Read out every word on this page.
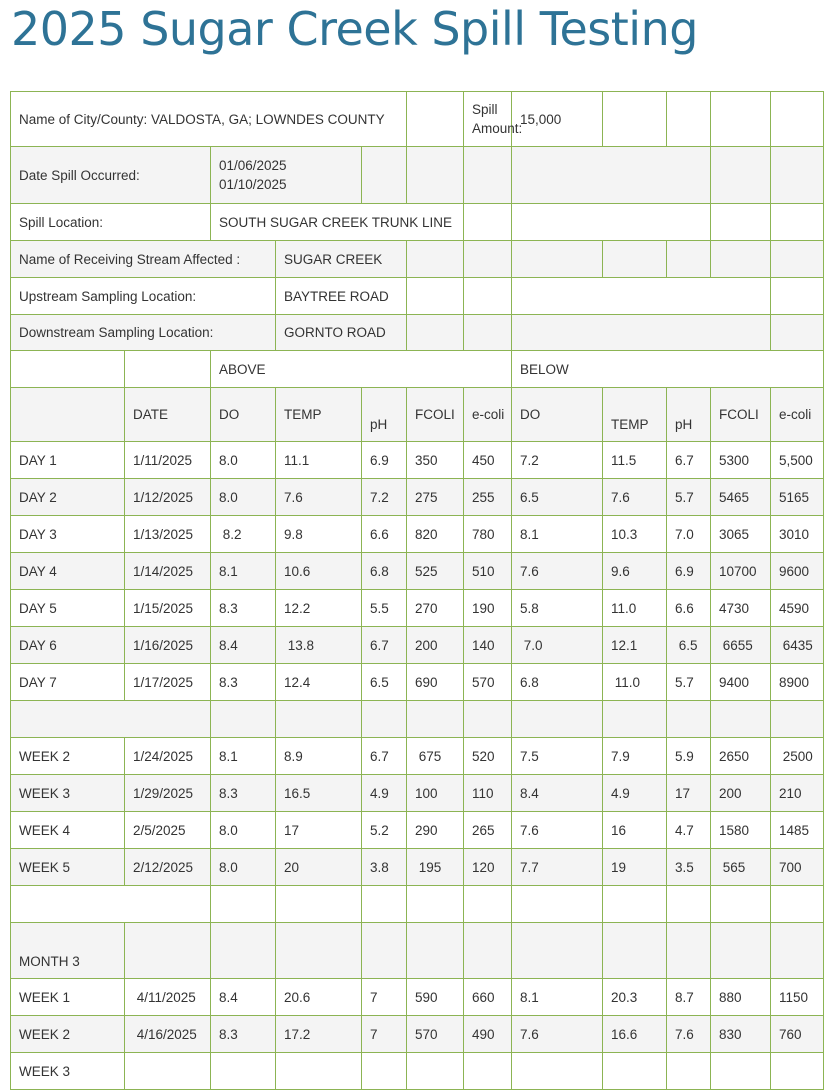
2025 Sugar Creek Spill Testing
Name of City/County: VALDOSTA, GA; LOWNDES COUNTY						Spill Amount:	15,000				
Date Spill Occurred:		01/06/2025
01/10/2025									

Spill Location:		SOUTH SUGAR CREEK TRUNK LINE									
Name of Receiving Stream Affected :			SUGAR CREEK								
Upstream Sampling Location:			BAYTREE ROAD								
Downstream Sampling Location:			GORNTO ROAD								
		ABOVE					BELOW				
	DATE	DO	TEMP	pH	FCOLI	e-coli	DO	TEMP	pH	FCOLI	e-coli
DAY 1	1/11/2025	8.0	11.1	6.9	350	450	7.2	11.5	6.7	5300	5,500
DAY 2	1/12/2025	8.0	7.6	7.2	275	255	6.5	7.6	5.7	5465	5165
DAY 3	1/13/2025	8.2	9.8	6.6	820	780	8.1	10.3	7.0	3065	3010
DAY 4	1/14/2025	8.1	10.6	6.8	525	510	7.6	9.6	6.9	10700	9600
DAY 5	1/15/2025	8.3	12.2	5.5	270	190	5.8	11.0	6.6	4730	4590
DAY 6	1/16/2025	8.4	13.8	6.7	200	140	7.0	12.1	6.5	6655	6435
DAY 7	1/17/2025	8.3	12.4	6.5	690	570	6.8	11.0	5.7	9400	8900

WEEK 2	1/24/2025	8.1	8.9	6.7	675	520	7.5	7.9	5.9	2650	2500
WEEK 3	1/29/2025	8.3	16.5	4.9	100	110	8.4	4.9	17	200	210
WEEK 4	2/5/2025	8.0	17	5.2	290	265	7.6	16	4.7	1580	1485
WEEK 5	2/12/2025	8.0	20	3.8	195	120	7.7	19	3.5	565	700

MONTH 3											
WEEK 1	4/11/2025	8.4	20.6	7	590	660	8.1	20.3	8.7	880	1150
WEEK 2	4/16/2025	8.3	17.2	7	570	490	7.6	16.6	7.6	830	760
WEEK 3											
